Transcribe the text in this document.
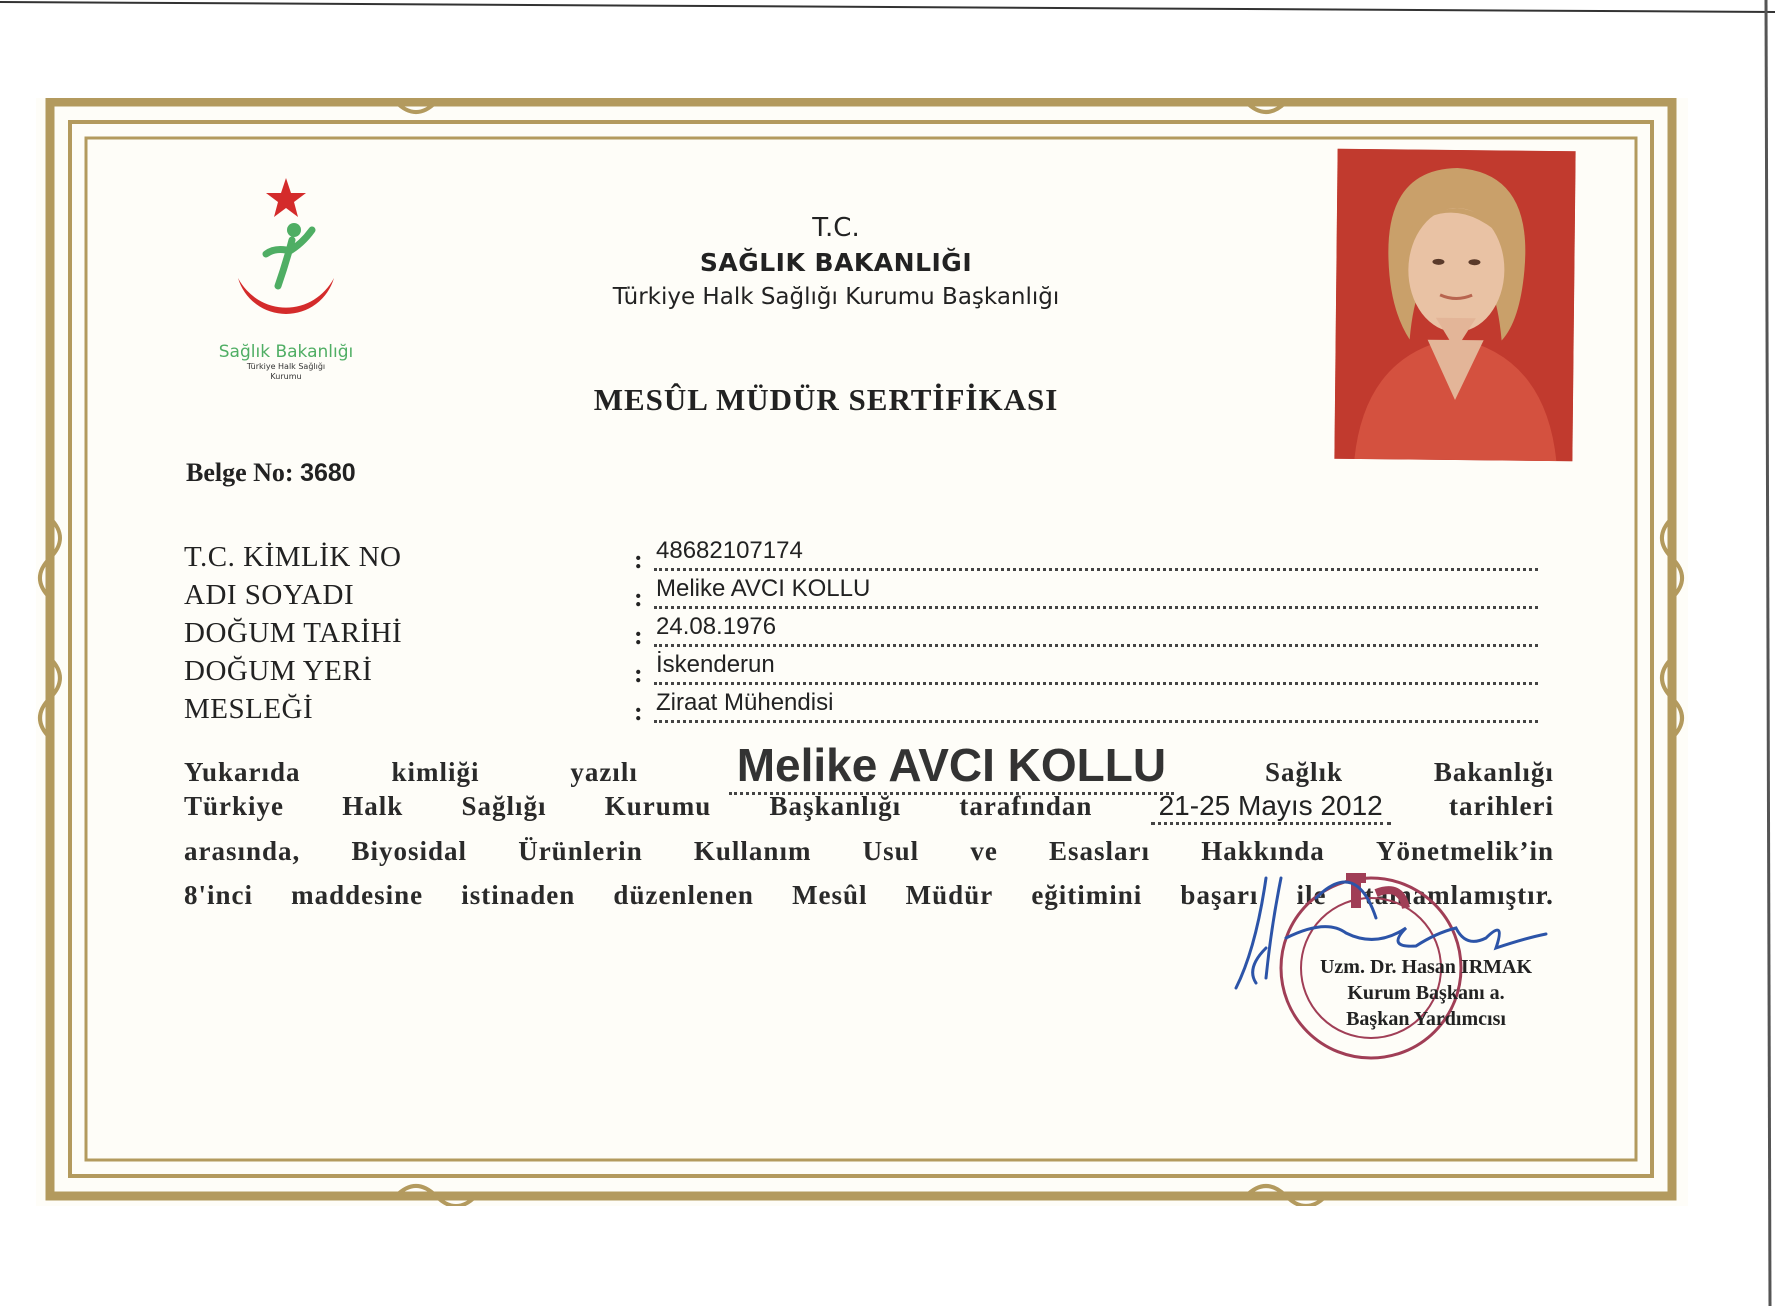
Sağlık Bakanlığı
Türkiye Halk Sağlığı
Kurumu
T.C.
SAĞLIK BAKANLIĞI
Türkiye Halk Sağlığı Kurumu Başkanlığı
MESÛL MÜDÜR SERTİFİKASI
Belge No: 3680
T.C. KİMLİK NO	: 48682107174
ADI SOYADI	: Melike AVCI KOLLU
DOĞUM TARİHİ	: 24.08.1976
DOĞUM YERİ	: İskenderun
MESLEĞİ	: Ziraat Mühendisi
Yukarıda	kimliği	yazılı Melike AVCI KOLLU	Sağlık	Bakanlığı
Türkiye Halk Sağlığı Kurumu Başkanlığı tarafından 21-25 Mayıs 2012 tarihleri
arasında, Biyosidal Ürünlerin Kullanım Usul ve Esasları Hakkında Yönetmelik’in
8'inci maddesine istinaden düzenlenen Mesûl Müdür eğitimini başarı ile tamamlamıştır.
Uzm. Dr. Hasan IRMAK
Kurum Başkanı a.
Başkan Yardımcısı
